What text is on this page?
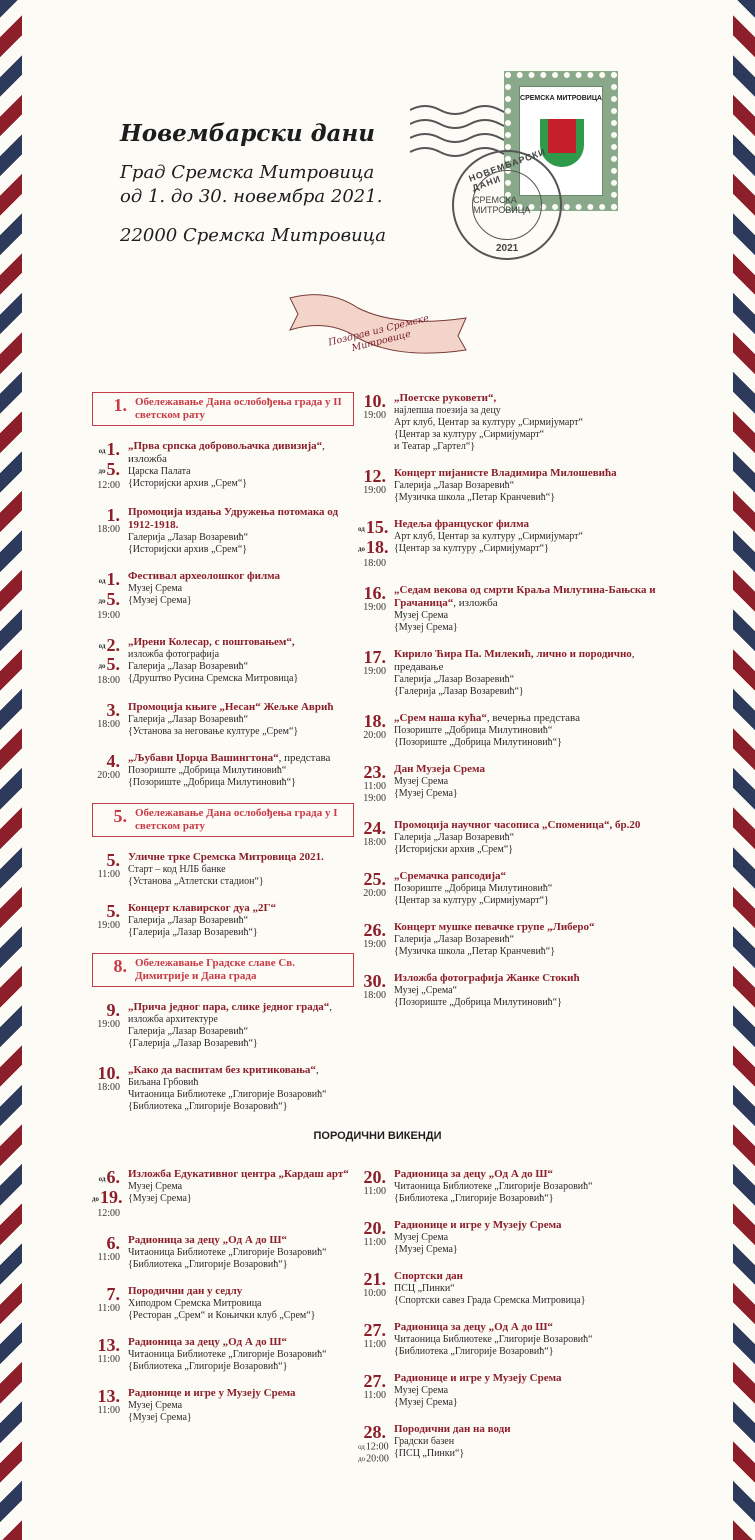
Новембарски дани
Град Сремска Митровица
од 1. до 30. новембра 2021.
22000 Сремска Митровица
СРЕМСКА МИТРОВИЦА
НОВЕМБАРСКИ ДАНИ
СРЕМСКА МИТРОВИЦА
2021
Поздрав из Сремске Митровице
1. Обележавање Дана ослобођења града у II светском рату
од1.
до5.
12:00
„Прва српска добровољачка дивизија“, изложба
Царска Палата
{Историјски архив „Срем“}
1.
18:00
Промоција издања Удружења потомака од 1912-1918.
Галерија „Лазар Возаревић“
{Историјски архив „Срем“}
од1.
до5.
19:00
Фестивал археолошког филма
Музеј Срема
{Музеј Срема}
од2.
до5.
18:00
„Ирени Колесар, с поштовањем“,
изложба фотографија
Галерија „Лазар Возаревић“
{Друштво Русина Сремска Митровица}
3.
18:00
Промоција књиге „Несан“ Жељке Аврић
Галерија „Лазар Возаревић“
{Установа за неговање културе „Срем“}
4.
20:00
„Љубави Џорџа Вашингтона“, представа
Позориште „Добрица Милутиновић“
{Позориште „Добрица Милутиновић“}
5. Обележавање Дана ослобођења града у I светском рату
5.
11:00
Уличне трке Сремска Митровица 2021.
Старт – код НЛБ банке
{Установа „Атлетски стадион“}
5.
19:00
Концерт клавирског дуа „2Г“
Галерија „Лазар Возаревић“
{Галерија „Лазар Возаревић“}
8. Обележавање Градске славе Св. Димитрије и Дана града
9.
19:00
„Прича једног пара, слике једног града“,
изложба архитектуре
Галерија „Лазар Возаревић“
{Галерија „Лазар Возаревић“}
10.
18:00
„Како да васпитам без критиковања“,
Биљана Грбовић
Читаоница Библиотеке „Глигорије Возаровић“
{Библиотека „Глигорије Возаровић“}
10.
19:00
„Поетске руковети“,
најлепша поезија за децу
Арт клуб, Центар за културу „Сирмијумарт“
{Центар за културу „Сирмијумарт“
и Театар „Гартел“}
12.
19:00
Концерт пијанисте Владимира Милошевића
Галерија „Лазар Возаревић“
{Музичка школа „Петар Кранчевић“}
од15.
до18.
18:00
Недеља француског филма
Арт клуб, Центар за културу „Сирмијумарт“
{Центар за културу „Сирмијумарт“}
16.
19:00
„Седам векова од смрти Краља Милутина-Бањска и Грачаница“, изложба
Музеј Срема
{Музеј Срема}
17.
19:00
Кирило Ћира Па. Милекић, лично и породично, предавање
Галерија „Лазар Возаревић“
{Галерија „Лазар Возаревић“}
18.
20:00
„Срем наша кућа“, вечерња представа
Позориште „Добрица Милутиновић“
{Позориште „Добрица Милутиновић“}
23.
11:00
19:00
Дан Музеја Срема
Музеј Срема
{Музеј Срема}
24.
18:00
Промоција научног часописа „Споменица“, бр.20
Галерија „Лазар Возаревић“
{Историјски архив „Срем“}
25.
20:00
„Сремачка рапсодија“
Позориште „Добрица Милутиновић“
{Центар за културу „Сирмијумарт“}
26.
19:00
Концерт мушке певачке групе „Либеро“
Галерија „Лазар Возаревић“
{Музичка школа „Петар Кранчевић“}
30.
18:00
Изложба фотографија Жанке Стокић
Музеј „Срема“
{Позориште „Добрица Милутиновић“}
ПОРОДИЧНИ ВИКЕНДИ
од6.
до19.
12:00
Изложба Едукативног центра „Кардаш арт“
Музеј Срема
{Музеј Срема}
6.
11:00
Радионица за децу „Од А до Ш“
Читаоница Библиотеке „Глигорије Возаровић“
{Библиотека „Глигорије Возаровић“}
7.
11:00
Породични дан у седлу
Хиподром Сремска Митровица
{Ресторан „Срем“ и Коњички клуб „Срем“}
13.
11:00
Радионица за децу „Од А до Ш“
Читаоница Библиотеке „Глигорије Возаровић“
{Библиотека „Глигорије Возаровић“}
13.
11:00
Радионице и игре у Музеју Срема
Музеј Срема
{Музеј Срема}
20.
11:00
Радионица за децу „Од А до Ш“
Читаоница Библиотеке „Глигорије Возаровић“
{Библиотека „Глигорије Возаровић“}
20.
11:00
Радионице и игре у Музеју Срема
Музеј Срема
{Музеј Срема}
21.
10:00
Спортски дан
ПСЦ „Пинки“
{Спортски савез Града Сремска Митровица}
27.
11:00
Радионица за децу „Од А до Ш“
Читаоница Библиотеке „Глигорије Возаровић“
{Библиотека „Глигорије Возаровић“}
27.
11:00
Радионице и игре у Музеју Срема
Музеј Срема
{Музеј Срема}
28.
од12:00
до20:00
Породични дан на води
Градски базен
{ПСЦ „Пинки“}
